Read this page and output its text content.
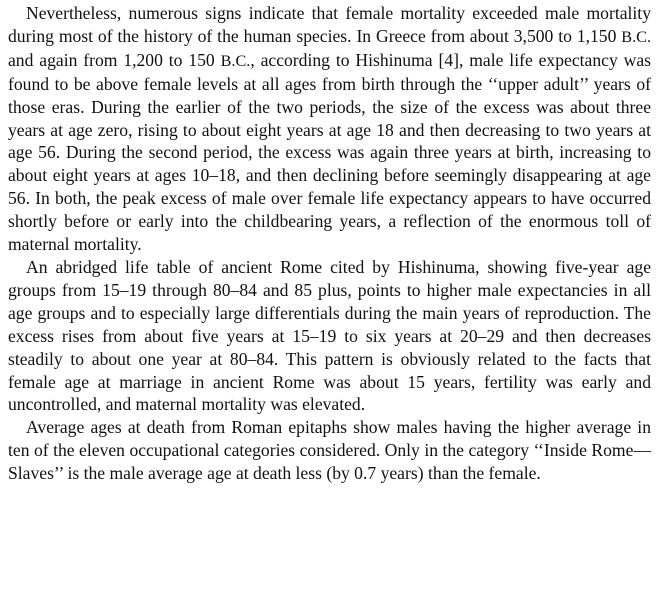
Nevertheless, numerous signs indicate that female mortality exceeded male mortality during most of the history of the human species. In Greece from about 3,500 to 1,150 B.C. and again from 1,200 to 150 B.C., according to Hishinuma [4], male life expectancy was found to be above female levels at all ages from birth through the ‘‘upper adult’’ years of those eras. During the earlier of the two periods, the size of the excess was about three years at age zero, rising to about eight years at age 18 and then decreasing to two years at age 56. During the second period, the excess was again three years at birth, increasing to about eight years at ages 10–18, and then declining before seemingly disappearing at age 56. In both, the peak excess of male over female life expectancy appears to have occurred shortly before or early into the childbearing years, a reflection of the enormous toll of maternal mortality.

An abridged life table of ancient Rome cited by Hishinuma, showing five-year age groups from 15–19 through 80–84 and 85 plus, points to higher male expectancies in all age groups and to especially large differentials during the main years of reproduction. The excess rises from about five years at 15–19 to six years at 20–29 and then decreases steadily to about one year at 80–84. This pattern is obviously related to the facts that female age at marriage in ancient Rome was about 15 years, fertility was early and uncontrolled, and maternal mortality was elevated.

Average ages at death from Roman epitaphs show males having the higher average in ten of the eleven occupational categories considered. Only in the category ‘‘Inside Rome—Slaves’’ is the male average age at death less (by 0.7 years) than the female.
